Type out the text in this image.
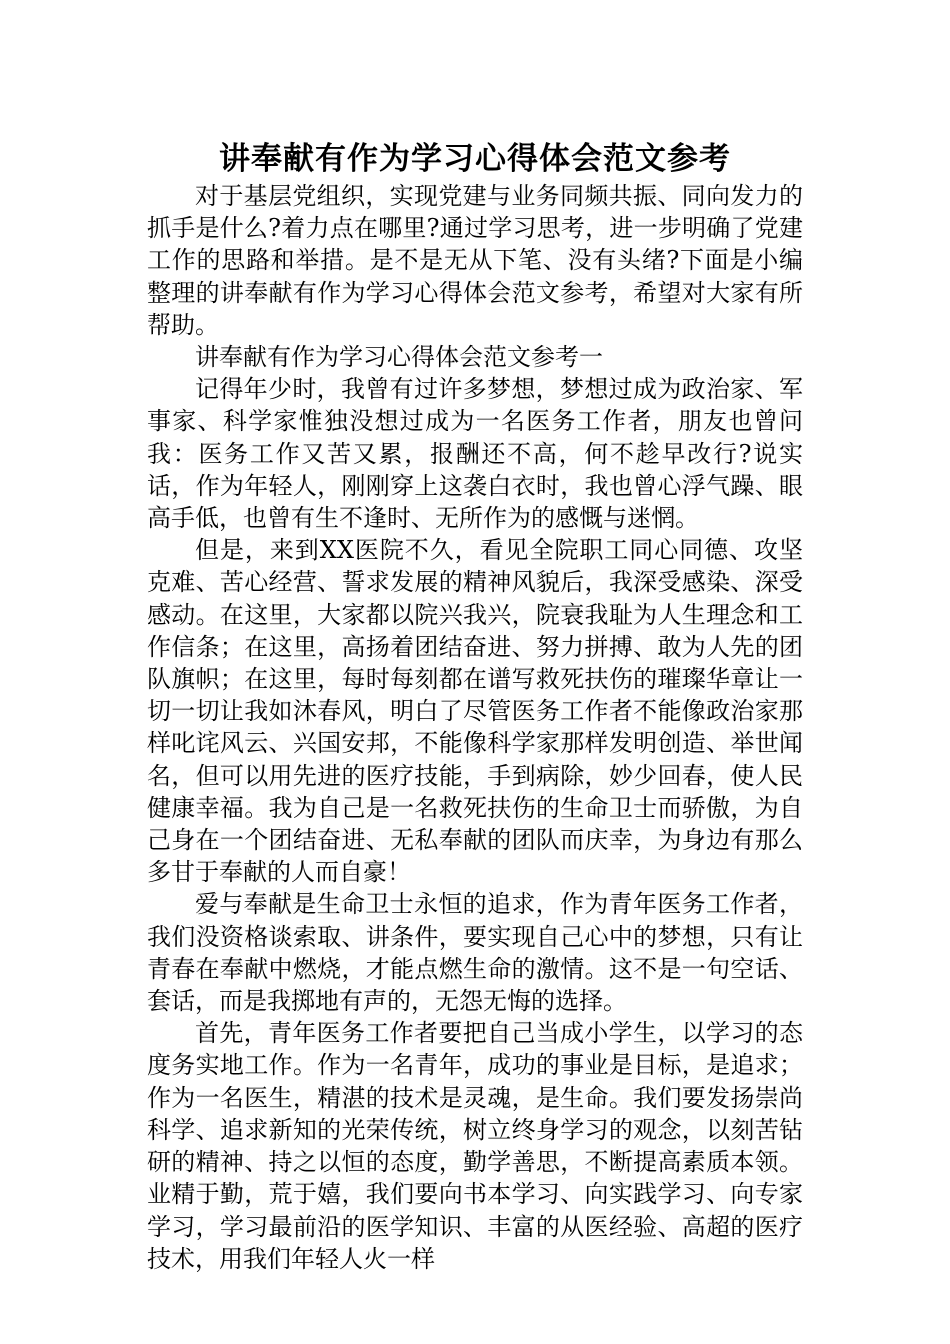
讲奉献有作为学习心得体会范文参考

对于基层党组织，实现党建与业务同频共振、同向发力的抓手是什么?着力点在哪里?通过学习思考，进一步明确了党建工作的思路和举措。是不是无从下笔、没有头绪?下面是小编整理的讲奉献有作为学习心得体会范文参考，希望对大家有所帮助。

讲奉献有作为学习心得体会范文参考一

记得年少时，我曾有过许多梦想，梦想过成为政治家、军事家、科学家惟独没想过成为一名医务工作者，朋友也曾问我：医务工作又苦又累，报酬还不高，何不趁早改行?说实话，作为年轻人，刚刚穿上这袭白衣时，我也曾心浮气躁、眼高手低，也曾有生不逢时、无所作为的感慨与迷惘。

但是，来到XX医院不久，看见全院职工同心同德、攻坚克难、苦心经营、誓求发展的精神风貌后，我深受感染、深受感动。在这里，大家都以院兴我兴，院衰我耻为人生理念和工作信条；在这里，高扬着团结奋进、努力拼搏、敢为人先的团队旗帜；在这里，每时每刻都在谱写救死扶伤的璀璨华章让一切一切让我如沐春风，明白了尽管医务工作者不能像政治家那样叱诧风云、兴国安邦，不能像科学家那样发明创造、举世闻名，但可以用先进的医疗技能，手到病除，妙少回春，使人民健康幸福。我为自己是一名救死扶伤的生命卫士而骄傲，为自己身在一个团结奋进、无私奉献的团队而庆幸，为身边有那么多甘于奉献的人而自豪！

爱与奉献是生命卫士永恒的追求，作为青年医务工作者，我们没资格谈索取、讲条件，要实现自己心中的梦想，只有让青春在奉献中燃烧，才能点燃生命的激情。这不是一句空话、套话，而是我掷地有声的，无怨无悔的选择。

首先，青年医务工作者要把自己当成小学生，以学习的态度务实地工作。作为一名青年，成功的事业是目标，是追求；作为一名医生，精湛的技术是灵魂，是生命。我们要发扬崇尚科学、追求新知的光荣传统，树立终身学习的观念，以刻苦钻研的精神、持之以恒的态度，勤学善思，不断提高素质本领。业精于勤，荒于嬉，我们要向书本学习、向实践学习、向专家学习，学习最前沿的医学知识、丰富的从医经验、高超的医疗技术，用我们年轻人火一样
